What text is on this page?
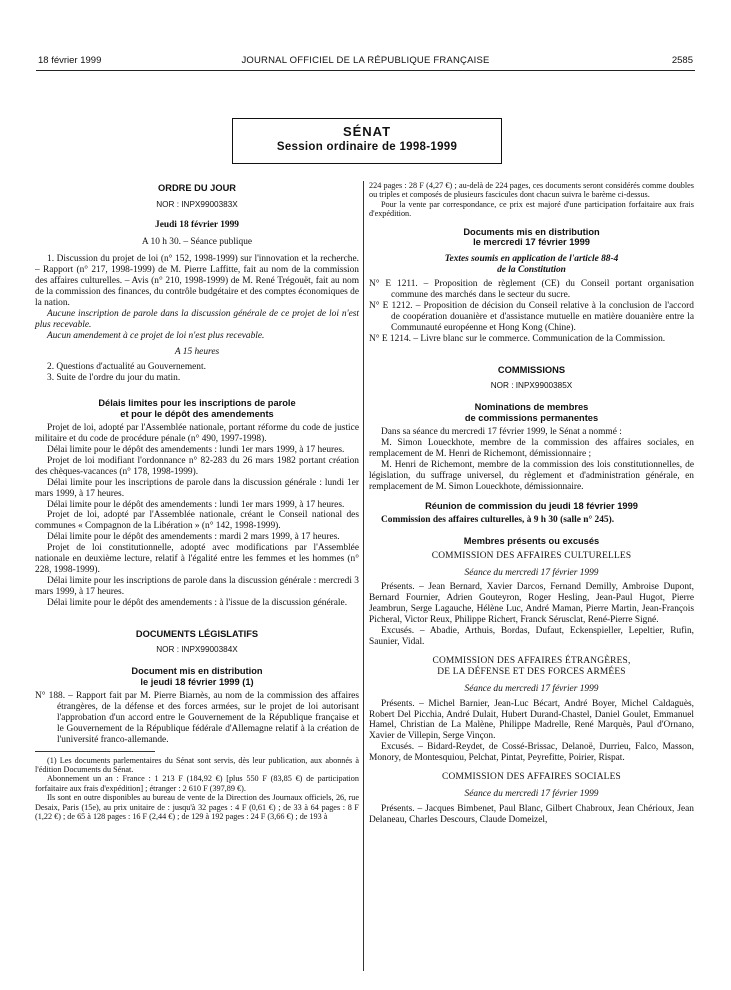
18 février 1999	JOURNAL OFFICIEL DE LA RÉPUBLIQUE FRANÇAISE	2585
SÉNAT
Session ordinaire de 1998-1999
ORDRE DU JOUR
NOR : INPX9900383X

Jeudi 18 février 1999

A 10 h 30. – Séance publique

1. Discussion du projet de loi (n° 152, 1998-1999) sur l'innovation et la recherche. – Rapport (n° 217, 1998-1999) de M. Pierre Laffitte, fait au nom de la commission des affaires culturelles. – Avis (n° 210, 1998-1999) de M. René Trégouët, fait au nom de la commission des finances, du contrôle budgétaire et des comptes économiques de la nation.

Aucune inscription de parole dans la discussion générale de ce projet de loi n'est plus recevable.

Aucun amendement à ce projet de loi n'est plus recevable.

A 15 heures

2. Questions d'actualité au Gouvernement.

3. Suite de l'ordre du jour du matin.

Délais limites pour les inscriptions de parole
et pour le dépôt des amendements

Projet de loi, adopté par l'Assemblée nationale, portant réforme du code de justice militaire et du code de procédure pénale (n° 490, 1997-1998).

Délai limite pour le dépôt des amendements : lundi 1er mars 1999, à 17 heures.

Projet de loi modifiant l'ordonnance n° 82-283 du 26 mars 1982 portant création des chèques-vacances (n° 178, 1998-1999).

Délai limite pour les inscriptions de parole dans la discussion générale : lundi 1er mars 1999, à 17 heures.

Délai limite pour le dépôt des amendements : lundi 1er mars 1999, à 17 heures.

Projet de loi, adopté par l'Assemblée nationale, créant le Conseil national des communes « Compagnon de la Libération » (n° 142, 1998-1999).

Délai limite pour le dépôt des amendements : mardi 2 mars 1999, à 17 heures.

Projet de loi constitutionnelle, adopté avec modifications par l'Assemblée nationale en deuxième lecture, relatif à l'égalité entre les femmes et les hommes (n° 228, 1998-1999).

Délai limite pour les inscriptions de parole dans la discussion générale : mercredi 3 mars 1999, à 17 heures.

Délai limite pour le dépôt des amendements : à l'issue de la discussion générale.

DOCUMENTS LÉGISLATIFS
NOR : INPX9900384X
Document mis en distribution
le jeudi 18 février 1999 (1)

N° 188. – Rapport fait par M. Pierre Biarnès, au nom de la commission des affaires étrangères, de la défense et des forces armées, sur le projet de loi autorisant l'approbation d'un accord entre le Gouvernement de la République française et le Gouvernement de la République fédérale d'Allemagne relatif à la création de l'université franco-allemande.

(1) Les documents parlementaires du Sénat sont servis, dès leur publication, aux abonnés à l'édition Documents du Sénat.

Abonnement un an : France : 1 213 F (184,92 €) [plus 550 F (83,85 €) de participation forfaitaire aux frais d'expédition] ; étranger : 2 610 F (397,89 €).

Ils sont en outre disponibles au bureau de vente de la Direction des Journaux officiels, 26, rue Desaix, Paris (15e), au prix unitaire de : jusqu'à 32 pages : 4 F (0,61 €) ; de 33 à 64 pages : 8 F (1,22 €) ; de 65 à 128 pages : 16 F (2,44 €) ; de 129 à 192 pages : 24 F (3,66 €) ; de 193 à

224 pages : 28 F (4,27 €) ; au-delà de 224 pages, ces documents seront considérés comme doubles ou triples et composés de plusieurs fascicules dont chacun suivra le barème ci-dessus.

Pour la vente par correspondance, ce prix est majoré d'une participation forfaitaire aux frais d'expédition.

Documents mis en distribution
le mercredi 17 février 1999

Textes soumis en application de l'article 88-4

de la Constitution

N° E 1211. – Proposition de règlement (CE) du Conseil portant organisation commune des marchés dans le secteur du sucre.

N° E 1212. – Proposition de décision du Conseil relative à la conclusion de l'accord de coopération douanière et d'assistance mutuelle en matière douanière entre la Communauté européenne et Hong Kong (Chine).

N° E 1214. – Livre blanc sur le commerce. Communication de la Commission.

COMMISSIONS
NOR : INPX9900385X
Nominations de membres
de commissions permanentes

Dans sa séance du mercredi 17 février 1999, le Sénat a nommé :

M. Simon Loueckhote, membre de la commission des affaires sociales, en remplacement de M. Henri de Richemont, démissionnaire ;

M. Henri de Richemont, membre de la commission des lois constitutionnelles, de législation, du suffrage universel, du règlement et d'administration générale, en remplacement de M. Simon Loueckhote, démissionnaire.

Réunion de commission du jeudi 18 février 1999

Commission des affaires culturelles, à 9 h 30 (salle n° 245).

Membres présents ou excusés

COMMISSION DES AFFAIRES CULTURELLES

Séance du mercredi 17 février 1999

Présents. – Jean Bernard, Xavier Darcos, Fernand Demilly, Ambroise Dupont, Bernard Fournier, Adrien Gouteyron, Roger Hesling, Jean-Paul Hugot, Pierre Jeambrun, Serge Lagauche, Hélène Luc, André Maman, Pierre Martin, Jean-François Picheral, Victor Reux, Philippe Richert, Franck Sérusclat, René-Pierre Signé.

Excusés. – Abadie, Arthuis, Bordas, Dufaut, Eckenspieller, Lepeltier, Rufin, Saunier, Vidal.

COMMISSION DES AFFAIRES ÉTRANGÈRES,

DE LA DÉFENSE ET DES FORCES ARMÉES

Séance du mercredi 17 février 1999

Présents. – Michel Barnier, Jean-Luc Bécart, André Boyer, Michel Caldaguès, Robert Del Picchia, André Dulait, Hubert Durand-Chastel, Daniel Goulet, Emmanuel Hamel, Christian de La Malène, Philippe Madrelle, René Marquès, Paul d'Ornano, Xavier de Villepin, Serge Vinçon.

Excusés. – Bidard-Reydet, de Cossé-Brissac, Delanoë, Durrieu, Falco, Masson, Monory, de Montesquiou, Pelchat, Pintat, Peyrefitte, Poirier, Rispat.

COMMISSION DES AFFAIRES SOCIALES

Séance du mercredi 17 février 1999

Présents. – Jacques Bimbenet, Paul Blanc, Gilbert Chabroux, Jean Chérioux, Jean Delaneau, Charles Descours, Claude Domeizel,
